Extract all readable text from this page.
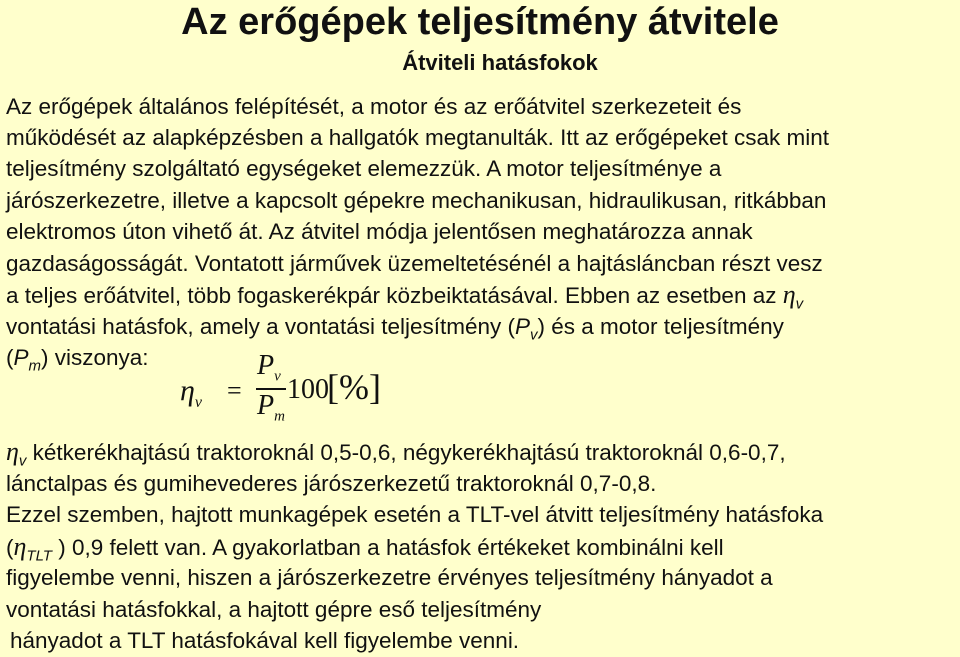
Az erőgépek teljesítmény átvitele
Átviteli hatásfokok
Az erőgépek általános felépítését, a motor és az erőátvitel szerkezeteit és
működését az alapképzésben a hallgatók megtanulták. Itt az erőgépeket csak mint
teljesítmény szolgáltató egységeket elemezzük. A motor teljesítménye a
járószerkezetre, illetve a kapcsolt gépekre mechanikusan, hidraulikusan, ritkábban
elektromos úton vihető át. Az átvitel módja jelentősen meghatározza annak
gazdaságosságát. Vontatott járművek üzemeltetésénél a hajtásláncban részt vesz
a teljes erőátvitel, több fogaskerékpár közbeiktatásával. Ebben az esetben az $\eta_v$
vontatási hatásfok, amely a vontatási teljesítmény $(P_v)$ és a motor teljesítmény
$(P_m)$ viszonya:
$\eta_v$ =
$P_v$
$P_m$
100
[%]
$\eta_v$ kétkerékhajtású traktoroknál 0,5-0,6, négykerékhajtású traktoroknál 0,6-0,7,
lánctalpas és gumihevederes járószerkezetű traktoroknál 0,7-0,8.
Ezzel szemben, hajtott munkagépek esetén a TLT-vel átvitt teljesítmény hatásfoka
($\eta_{TLT}$ ) 0,9 felett van. A gyakorlatban a hatásfok értékeket kombinálni kell
figyelembe venni, hiszen a járószerkezetre érvényes teljesítmény hányadot a
vontatási hatásfokkal, a hajtott gépre eső teljesítmény
hányadot a TLT hatásfokával kell figyelembe venni.
